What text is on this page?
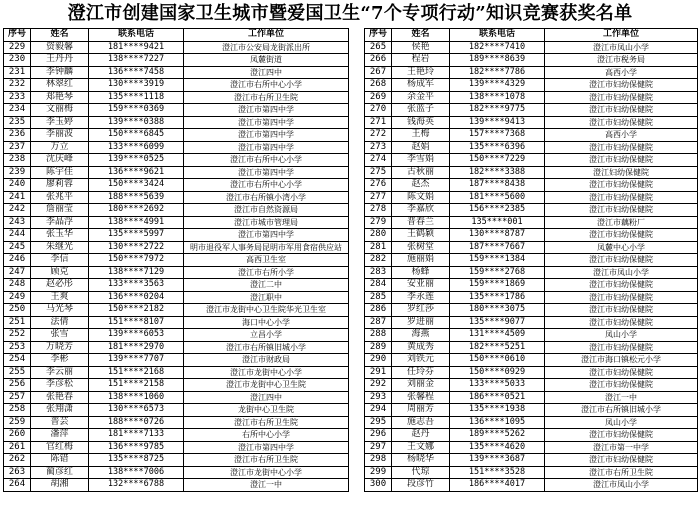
澄江市创建国家卫生城市暨爱国卫生“7个专项行动”知识竞赛获奖名单
序号	姓名	联系电话	工作单位
229	资毅馨	181****9421	澄江市公安局龙街派出所
230	王丹丹	138****7227	凤麓街道
231	李钟麟	136****7458	澄江四中
232	林翠红	130****3919	澄江市右所中心小学
233	郑艳琴	135****1118	澄江市右所卫生院
234	文丽梅	159****0369	澄江市第四中学
235	李玉婷	139****0388	澄江市第四中学
236	李丽波	150****6845	澄江市第四中学
237	万立	133****6099	澄江市第四中学
238	沈庆峰	139****0525	澄江市右所中心小学
239	陈宇佳	136****9621	澄江市第四中学
240	廖莉蓉	150****3424	澄江市右所中心小学
241	张兆平	188****5639	澄江市右所镇小湾小学
242	詹丽莹	180****2692	澄江市自然资源局
243	李晶浮	138****4991	澄江市城市管理局
244	张玉华	135****5997	澄江市第四中学
245	朱继光	130****2722	明市退役军人事务局昆明市军用食宿供应站
246	李信	150****7972	高西卫生室
247	顾克	138****7129	澄江市右所小学
248	赵必彤	133****3563	澄江二中
249	王爽	136****0204	澄江职中
250	马光琴	150****2182	澄江市龙街中心卫生院华光卫生室
251	法倩	151****8107	海口中心小学
252	张雪	139****6053	立昌小学
253	万晓芳	181****2970	澄江市右所镇旧城小学
254	李彬	139****7707	澄江市财政局
255	李云丽	151****2168	澄江市龙街中心小学
256	李彦松	151****2158	澄江市龙街中心卫生院
257	张艳春	138****1060	澄江四中
258	张翔潇	130****6573	龙街中心卫生院
259	普芸	188****0726	澄江市右所卫生院
260	潘萍	181****7133	右所中心小学
261	官红梅	136****9785	澄江市第四中学
262	陈错	135****8725	澄江市右所卫生院
263	蔺彦红	138****7006	澄江市龙街中心小学
264	胡湘	132****6788	澄江一中
序号	姓名	联系电话	工作单位
265	侯艳	182****7410	澄江市凤山小学
266	程岩	189****8639	澄江市税务局
267	王艳玲	182****7786	高西小学
268	杨成军	139****4329	澄江市妇幼保健院
269	余金平	138****1078	澄江市妇幼保健院
270	张蓝子	182****9775	澄江市妇幼保健院
271	钱海英	139****9413	澄江市妇幼保健院
272	王梅	157****7368	高西小学
273	赵娟	135****6396	澄江市妇幼保健院
274	李雪娟	150****7229	澄江市妇幼保健院
275	古秋丽	182****3388	澄江妇幼保健院
276	赵杰	187****8438	澄江市妇幼保健院
277	陈文娟	181****5600	澄江市妇幼保健院
278	李嘉欣	156****2385	澄江市妇幼保健院
279	普春兰	135****001	澄江市藕粉厂
280	王鹤颖	130****8787	澄江市妇幼保健院
281	张树堂	187****7667	凤麓中心小学
282	施丽娟	159****1384	澄江市妇幼保健院
283	杨蜂	159****2768	澄江市凤山小学
284	安亚丽	159****1869	澄江市妇幼保健院
285	李永莲	135****1786	澄江市妇幼保健院
286	罗红莎	180****3075	澄江市妇幼保健院
287	罗进丽	135****9077	澄江市妇幼保健院
288	海燕	131****4509	凤山小学
289	黄成秀	182****5251	澄江市妇幼保健院
290	刘铁元	150****0610	澄江市海口镇松元小学
291	任玲芬	150****0929	澄江市妇幼保健院
292	刘丽金	133****5033	澄江市妇幼保健院
293	张馨程	186****0521	澄江一中
294	周丽芳	135****1938	澄江市右所镇旧城小学
295	施志吾	136****1095	凤山小学
296	赵丹	189****5262	澄江市妇幼保健院
297	王文娜	135****4620	澄江市第一中学
298	杨晓华	139****3687	澄江市妇幼保健院
299	代琼	151****3528	澄江市右所卫生院
300	段彦竹	186****4017	澄江市凤山小学
